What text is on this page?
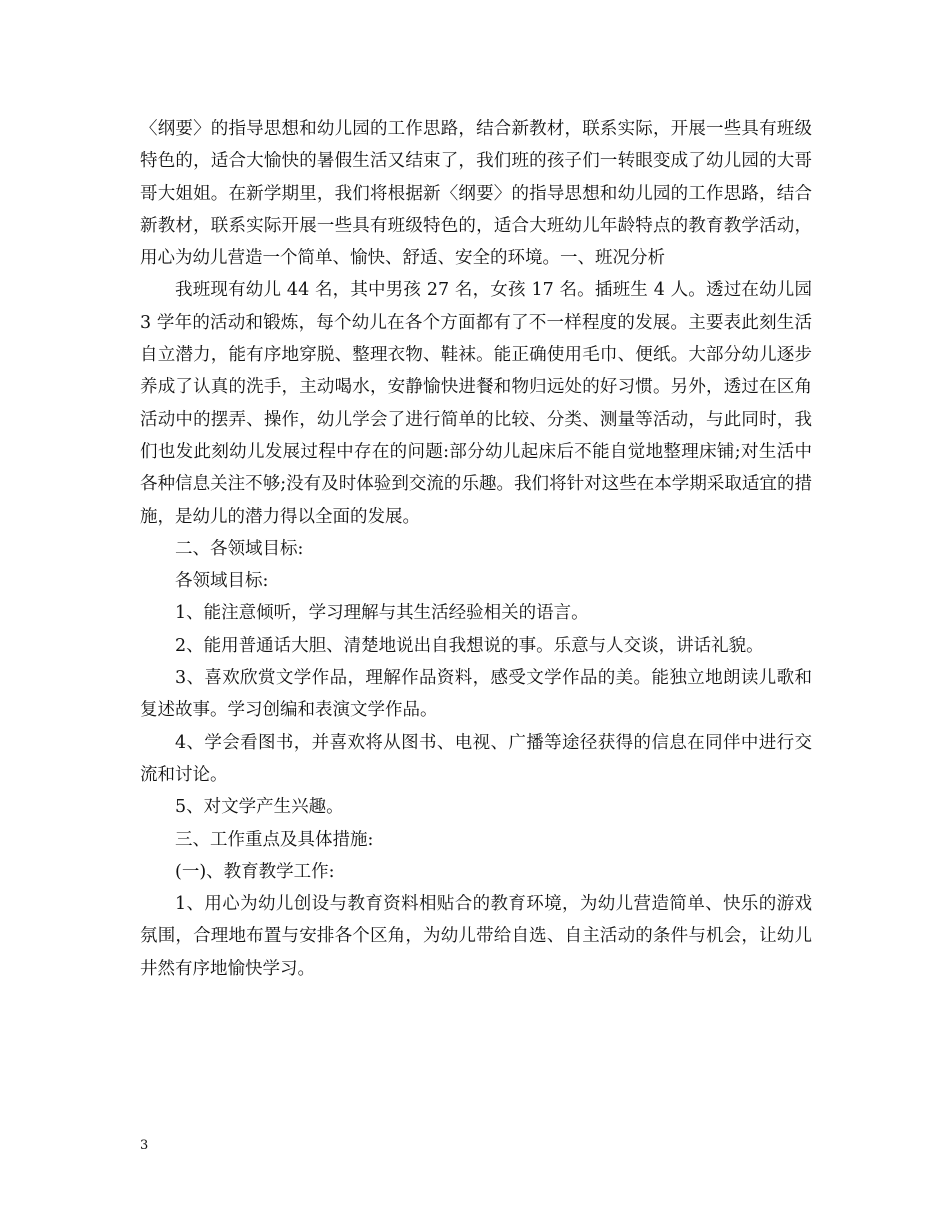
〈纲要〉的指导思想和幼儿园的工作思路，结合新教材，联系实际，开展一些具有班级特色的，适合大愉快的暑假生活又结束了，我们班的孩子们一转眼变成了幼儿园的大哥哥大姐姐。在新学期里，我们将根据新〈纲要〉的指导思想和幼儿园的工作思路，结合新教材，联系实际开展一些具有班级特色的，适合大班幼儿年龄特点的教育教学活动，用心为幼儿营造一个简单、愉快、舒适、安全的环境。一、班况分析

我班现有幼儿 44 名，其中男孩 27 名，女孩 17 名。插班生 4 人。透过在幼儿园 3 学年的活动和锻炼，每个幼儿在各个方面都有了不一样程度的发展。主要表此刻生活自立潜力，能有序地穿脱、整理衣物、鞋袜。能正确使用毛巾、便纸。大部分幼儿逐步养成了认真的洗手，主动喝水，安静愉快进餐和物归远处的好习惯。另外，透过在区角活动中的摆弄、操作，幼儿学会了进行简单的比较、分类、测量等活动，与此同时，我们也发此刻幼儿发展过程中存在的问题:部分幼儿起床后不能自觉地整理床铺;对生活中各种信息关注不够;没有及时体验到交流的乐趣。我们将针对这些在本学期采取适宜的措施，是幼儿的潜力得以全面的发展。

二、各领域目标:

各领域目标:

1、能注意倾听，学习理解与其生活经验相关的语言。

2、能用普通话大胆、清楚地说出自我想说的事。乐意与人交谈，讲话礼貌。

3、喜欢欣赏文学作品，理解作品资料，感受文学作品的美。能独立地朗读儿歌和复述故事。学习创编和表演文学作品。

4、学会看图书，并喜欢将从图书、电视、广播等途径获得的信息在同伴中进行交流和讨论。

5、对文学产生兴趣。

三、工作重点及具体措施:

(一)、教育教学工作:

1、用心为幼儿创设与教育资料相贴合的教育环境，为幼儿营造简单、快乐的游戏氛围，合理地布置与安排各个区角，为幼儿带给自选、自主活动的条件与机会，让幼儿井然有序地愉快学习。

3
